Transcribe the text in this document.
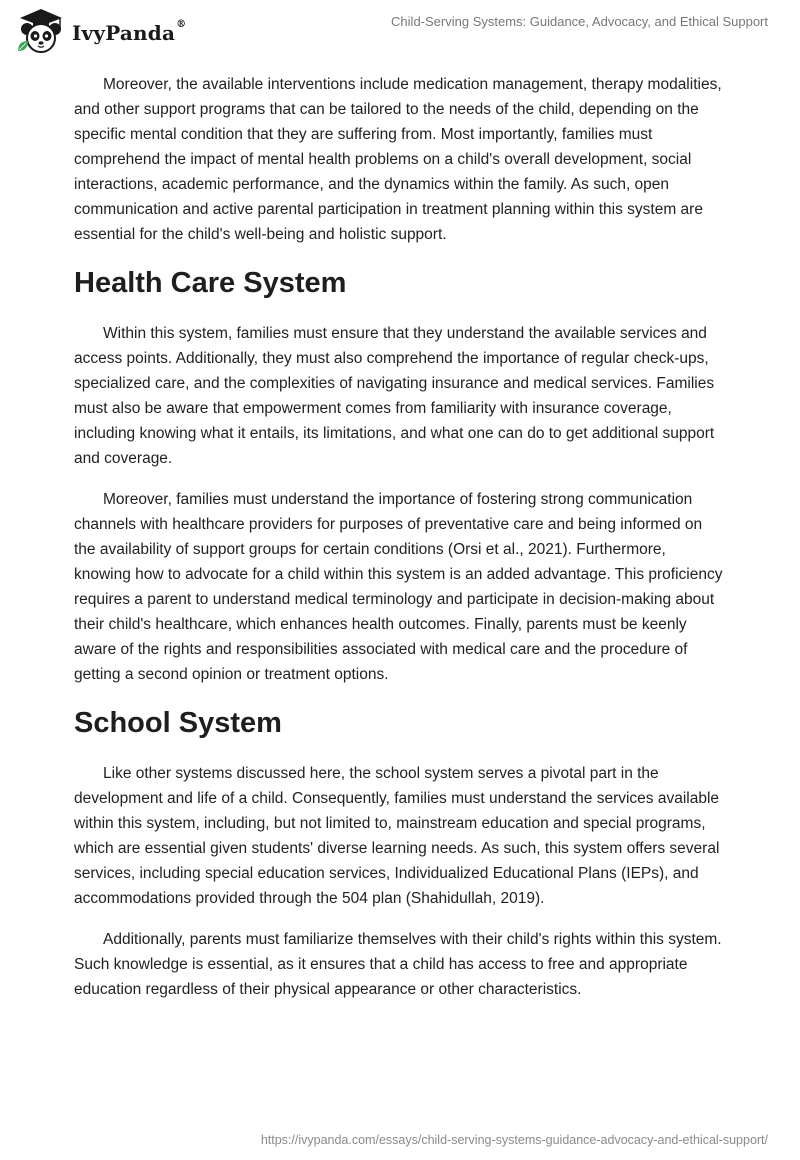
IvyPanda®	Child-Serving Systems: Guidance, Advocacy, and Ethical Support

Moreover, the available interventions include medication management, therapy modalities, and other support programs that can be tailored to the needs of the child, depending on the specific mental condition that they are suffering from. Most importantly, families must comprehend the impact of mental health problems on a child's overall development, social interactions, academic performance, and the dynamics within the family. As such, open communication and active parental participation in treatment planning within this system are essential for the child's well-being and holistic support.

Health Care System

Within this system, families must ensure that they understand the available services and access points. Additionally, they must also comprehend the importance of regular check-ups, specialized care, and the complexities of navigating insurance and medical services. Families must also be aware that empowerment comes from familiarity with insurance coverage, including knowing what it entails, its limitations, and what one can do to get additional support and coverage.

Moreover, families must understand the importance of fostering strong communication channels with healthcare providers for purposes of preventative care and being informed on the availability of support groups for certain conditions (Orsi et al., 2021). Furthermore, knowing how to advocate for a child within this system is an added advantage. This proficiency requires a parent to understand medical terminology and participate in decision-making about their child's healthcare, which enhances health outcomes. Finally, parents must be keenly aware of the rights and responsibilities associated with medical care and the procedure of getting a second opinion or treatment options.

School System

Like other systems discussed here, the school system serves a pivotal part in the development and life of a child. Consequently, families must understand the services available within this system, including, but not limited to, mainstream education and special programs, which are essential given students' diverse learning needs. As such, this system offers several services, including special education services, Individualized Educational Plans (IEPs), and accommodations provided through the 504 plan (Shahidullah, 2019).

Additionally, parents must familiarize themselves with their child's rights within this system. Such knowledge is essential, as it ensures that a child has access to free and appropriate education regardless of their physical appearance or other characteristics.

https://ivypanda.com/essays/child-serving-systems-guidance-advocacy-and-ethical-support/
